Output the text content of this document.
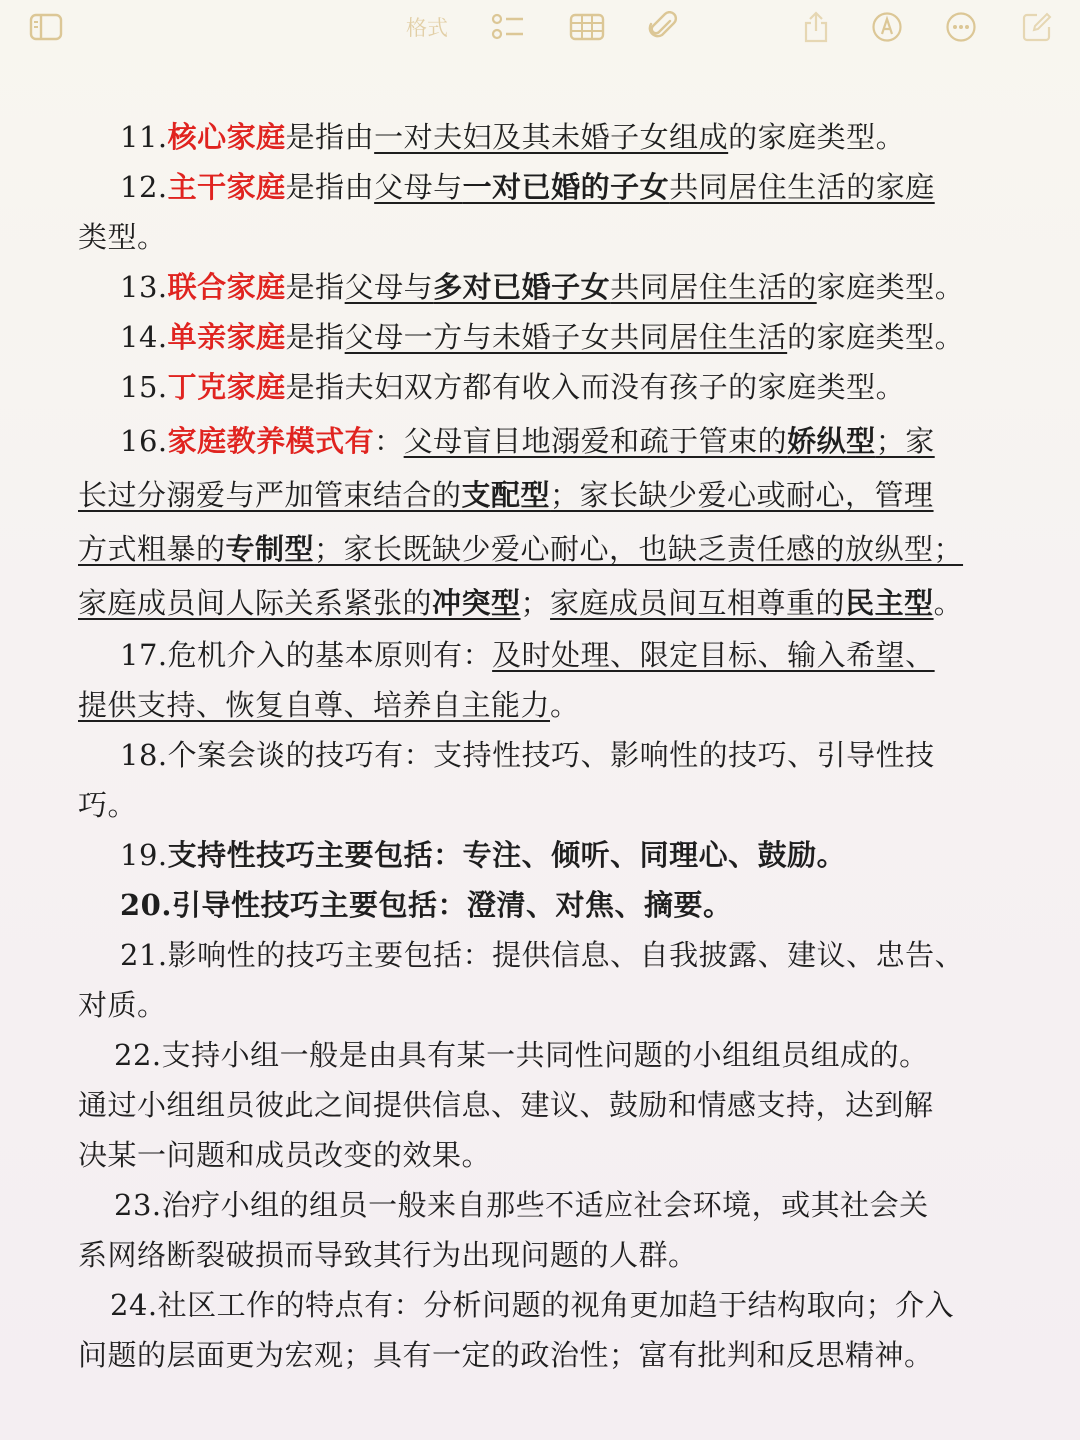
格式

11.核心家庭是指由一对夫妇及其未婚子女组成的家庭类型。

12.主干家庭是指由父母与一对已婚的子女共同居住生活的家庭

类型。

13.联合家庭是指父母与多对已婚子女共同居住生活的家庭类型。

14.单亲家庭是指父母一方与未婚子女共同居住生活的家庭类型。

15.丁克家庭是指夫妇双方都有收入而没有孩子的家庭类型。

16.家庭教养模式有：父母盲目地溺爱和疏于管束的娇纵型；家

长过分溺爱与严加管束结合的支配型；家长缺少爱心或耐心，管理

方式粗暴的专制型；家长既缺少爱心耐心，也缺乏责任感的放纵型；

家庭成员间人际关系紧张的冲突型；家庭成员间互相尊重的民主型。

17.危机介入的基本原则有：及时处理、限定目标、输入希望、

提供支持、恢复自尊、培养自主能力。

18.个案会谈的技巧有：支持性技巧、影响性的技巧、引导性技

巧。

19.支持性技巧主要包括：专注、倾听、同理心、鼓励。

20.引导性技巧主要包括：澄清、对焦、摘要。

21.影响性的技巧主要包括：提供信息、自我披露、建议、忠告、

对质。

22.支持小组一般是由具有某一共同性问题的小组组员组成的。

通过小组组员彼此之间提供信息、建议、鼓励和情感支持，达到解

决某一问题和成员改变的效果。

23.治疗小组的组员一般来自那些不适应社会环境，或其社会关

系网络断裂破损而导致其行为出现问题的人群。

24.社区工作的特点有：分析问题的视角更加趋于结构取向；介入

问题的层面更为宏观；具有一定的政治性；富有批判和反思精神。
